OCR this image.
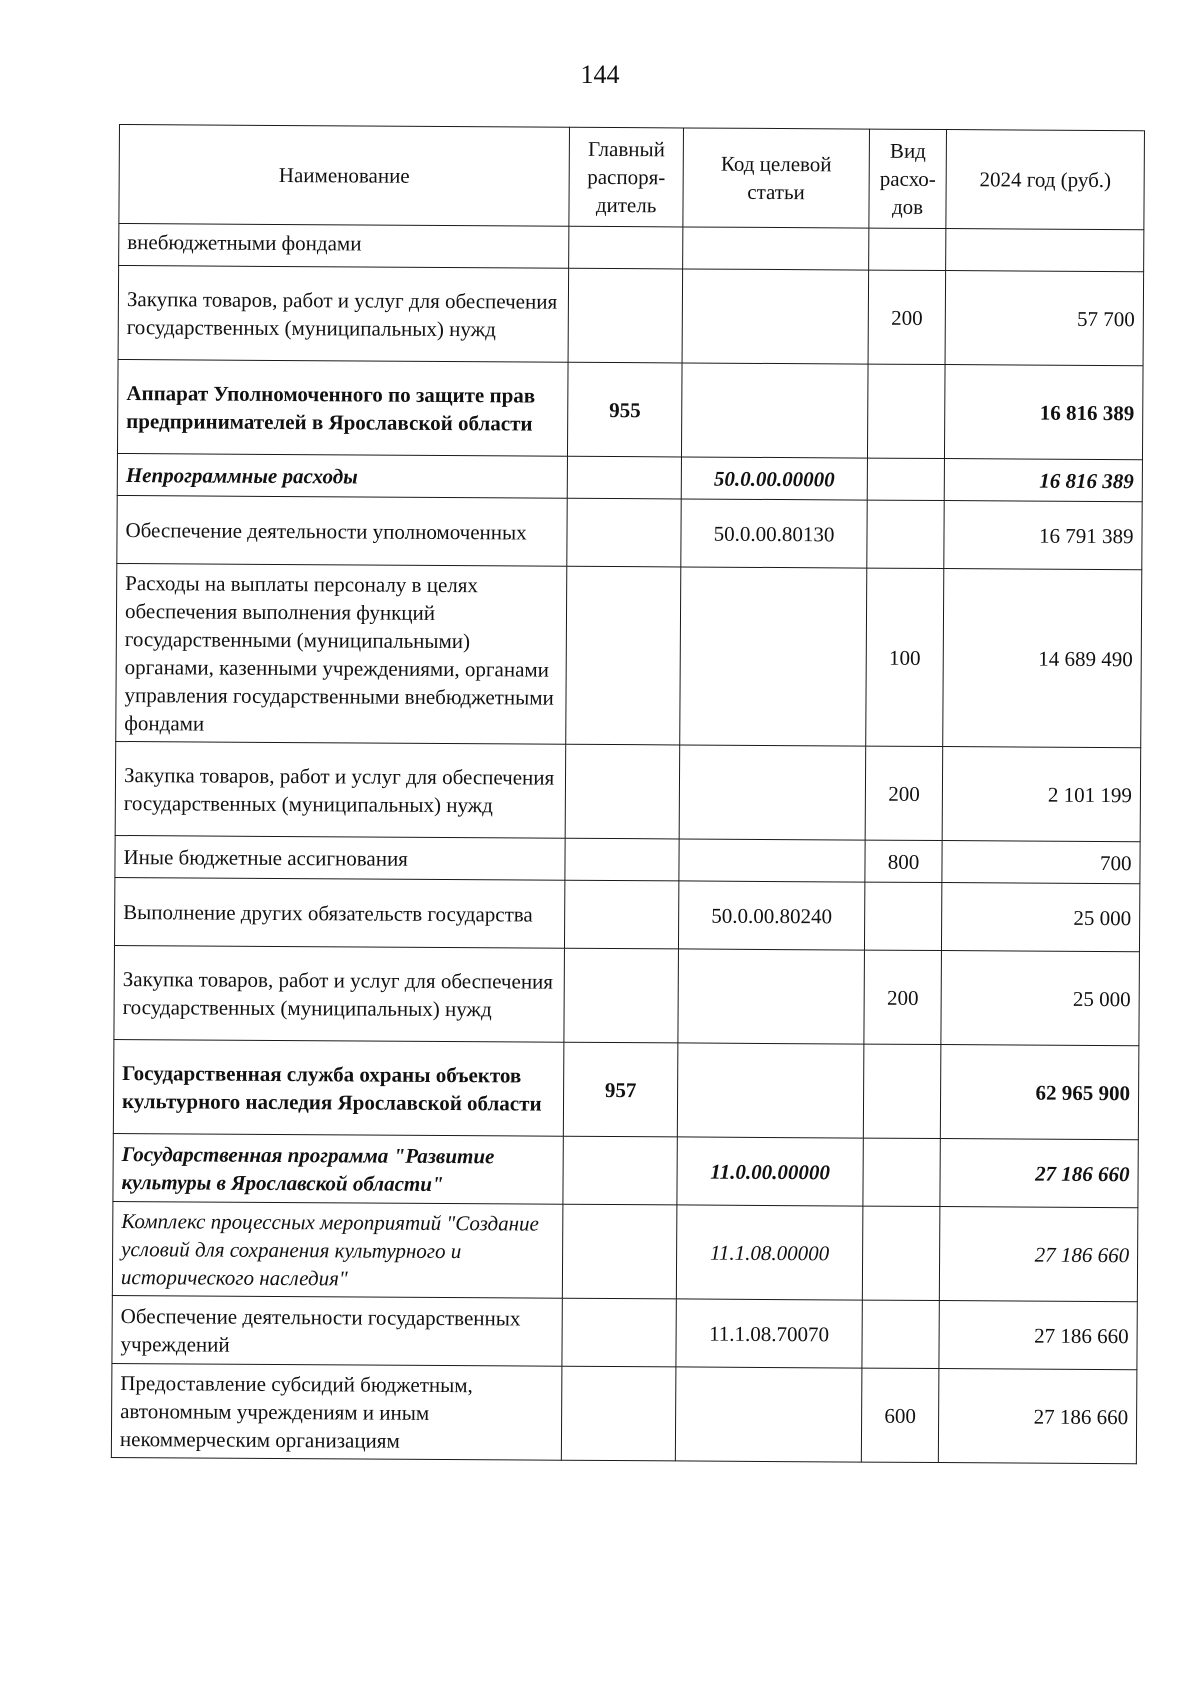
144
Наименование	Главный распоря-дитель	Код целевой статьи	Вид расхо-дов	2024 год (руб.)
внебюджетными фондами				
Закупка товаров, работ и услуг для обеспечения государственных (муниципальных) нужд			200	57 700
Аппарат Уполномоченного по защите прав предпринимателей в Ярославской области	955			16 816 389
Непрограммные расходы		50.0.00.00000		16 816 389
Обеспечение деятельности уполномоченных		50.0.00.80130		16 791 389
Расходы на выплаты персоналу в целях обеспечения выполнения функций государственными (муниципальными) органами, казенными учреждениями, органами управления государственными внебюджетными фондами			100	14 689 490
Закупка товаров, работ и услуг для обеспечения государственных (муниципальных) нужд			200	2 101 199
Иные бюджетные ассигнования			800	700
Выполнение других обязательств государства		50.0.00.80240		25 000
Закупка товаров, работ и услуг для обеспечения государственных (муниципальных) нужд			200	25 000
Государственная служба охраны объектов культурного наследия Ярославской области	957			62 965 900
Государственная программа "Развитие культуры в Ярославской области"		11.0.00.00000		27 186 660
Комплекс процессных мероприятий "Создание условий для сохранения культурного и исторического наследия"		11.1.08.00000		27 186 660
Обеспечение деятельности государственных учреждений		11.1.08.70070		27 186 660
Предоставление субсидий бюджетным, автономным учреждениям и иным некоммерческим организациям			600	27 186 660
